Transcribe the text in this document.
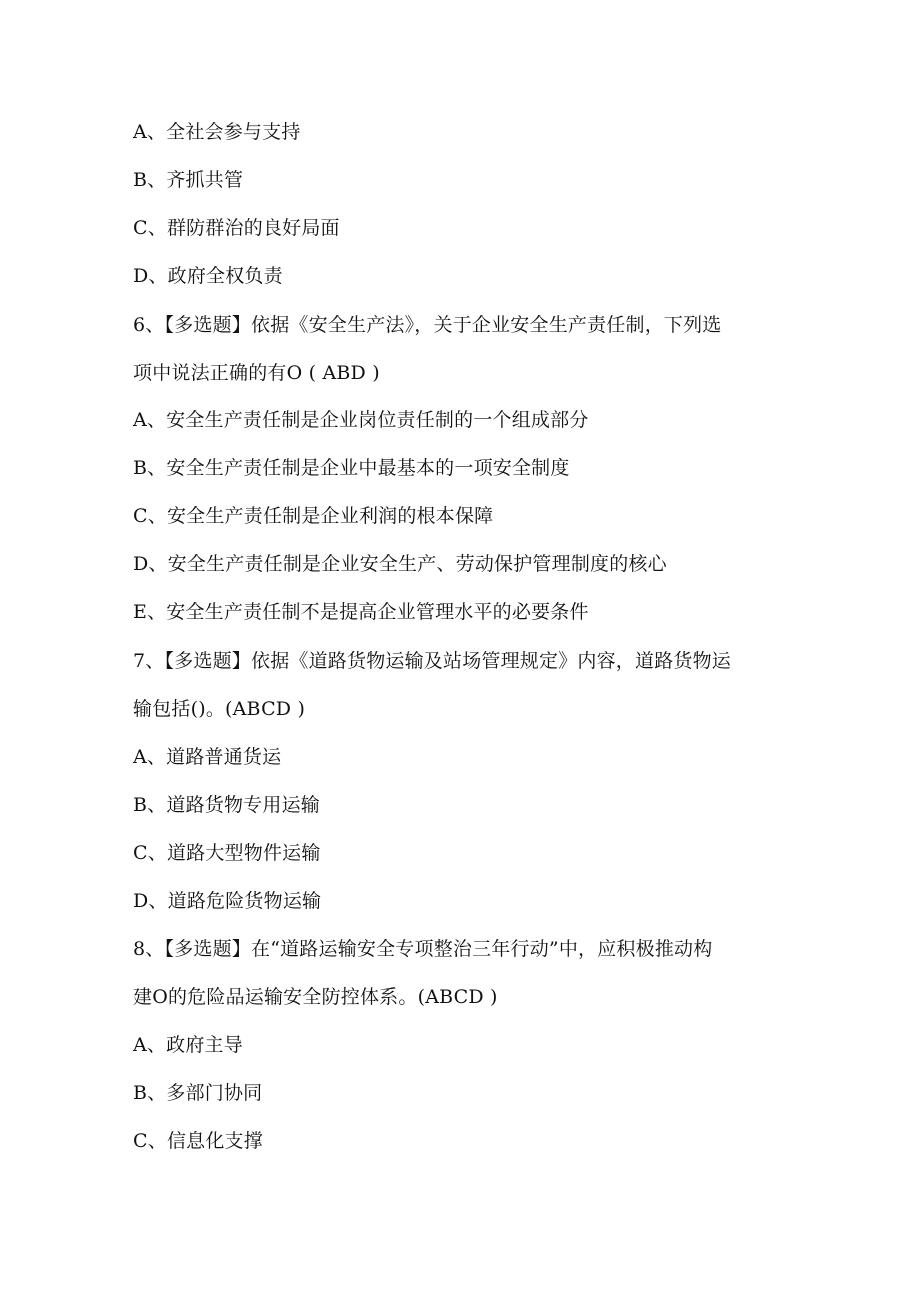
A、全社会参与支持
B、齐抓共管
C、群防群治的良好局面
D、政府全权负责
6、【多选题】依据《安全生产法》，关于企业安全生产责任制，下列选
项中说法正确的有O ( ABD )
A、安全生产责任制是企业岗位责任制的一个组成部分
B、安全生产责任制是企业中最基本的一项安全制度
C、安全生产责任制是企业利润的根本保障
D、安全生产责任制是企业安全生产、劳动保护管理制度的核心
E、安全生产责任制不是提高企业管理水平的必要条件
7、【多选题】依据《道路货物运输及站场管理规定》内容，道路货物运
输包括()。(ABCD )
A、道路普通货运
B、道路货物专用运输
C、道路大型物件运输
D、道路危险货物运输
8、【多选题】在“道路运输安全专项整治三年行动”中，应积极推动构
建O的危险品运输安全防控体系。(ABCD )
A、政府主导
B、多部门协同
C、信息化支撑
